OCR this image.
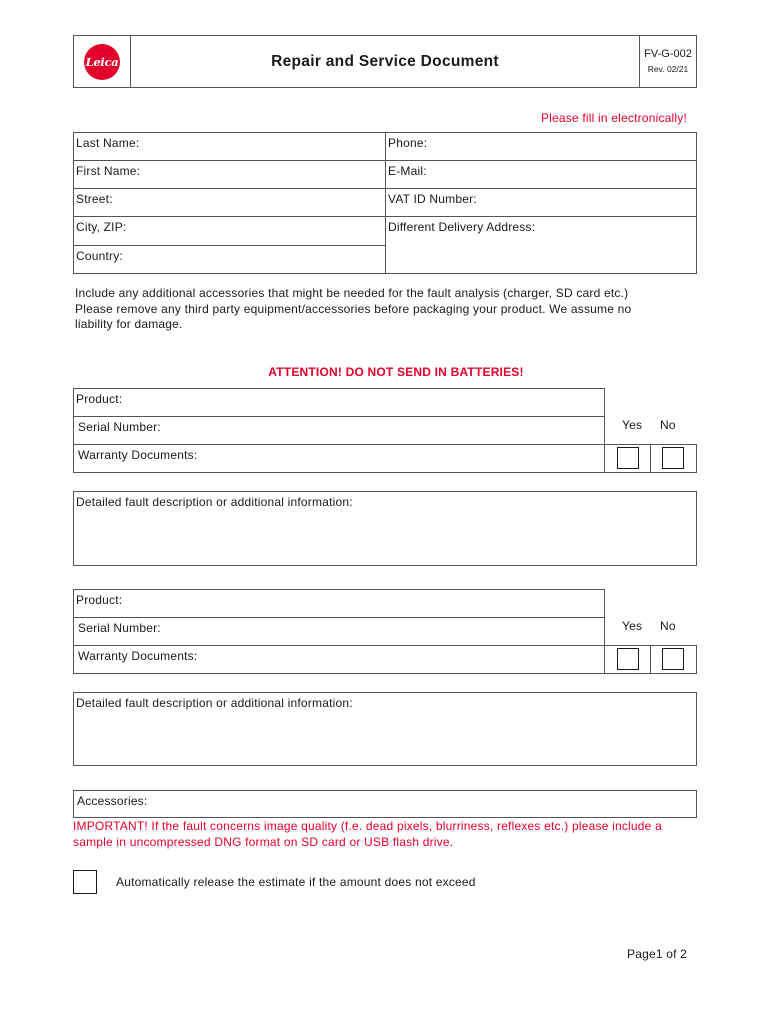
Leica	Repair and Service Document	FV-G-002
Rev. 02/21
Please fill in electronically!
Last Name:
First Name:
Street:
City, ZIP:
Country:
Phone:
E-Mail:
VAT ID Number:
Different Delivery Address:
Include any additional accessories that might be needed for the fault analysis (charger, SD card etc.)
Please remove any third party equipment/accessories before packaging your product. We assume no
liability for damage.
ATTENTION! DO NOT SEND IN BATTERIES!
Product:
Serial Number:
Warranty Documents:
Yes No
Detailed fault description or additional information:
Product:
Serial Number:
Warranty Documents:
Yes No
Detailed fault description or additional information:
Accessories:
IMPORTANT! If the fault concerns image quality (f.e. dead pixels, blurriness, reflexes etc.) please include a
sample in uncompressed DNG format on SD card or USB flash drive.
Automatically release the estimate if the amount does not exceed
Page1 of 2
